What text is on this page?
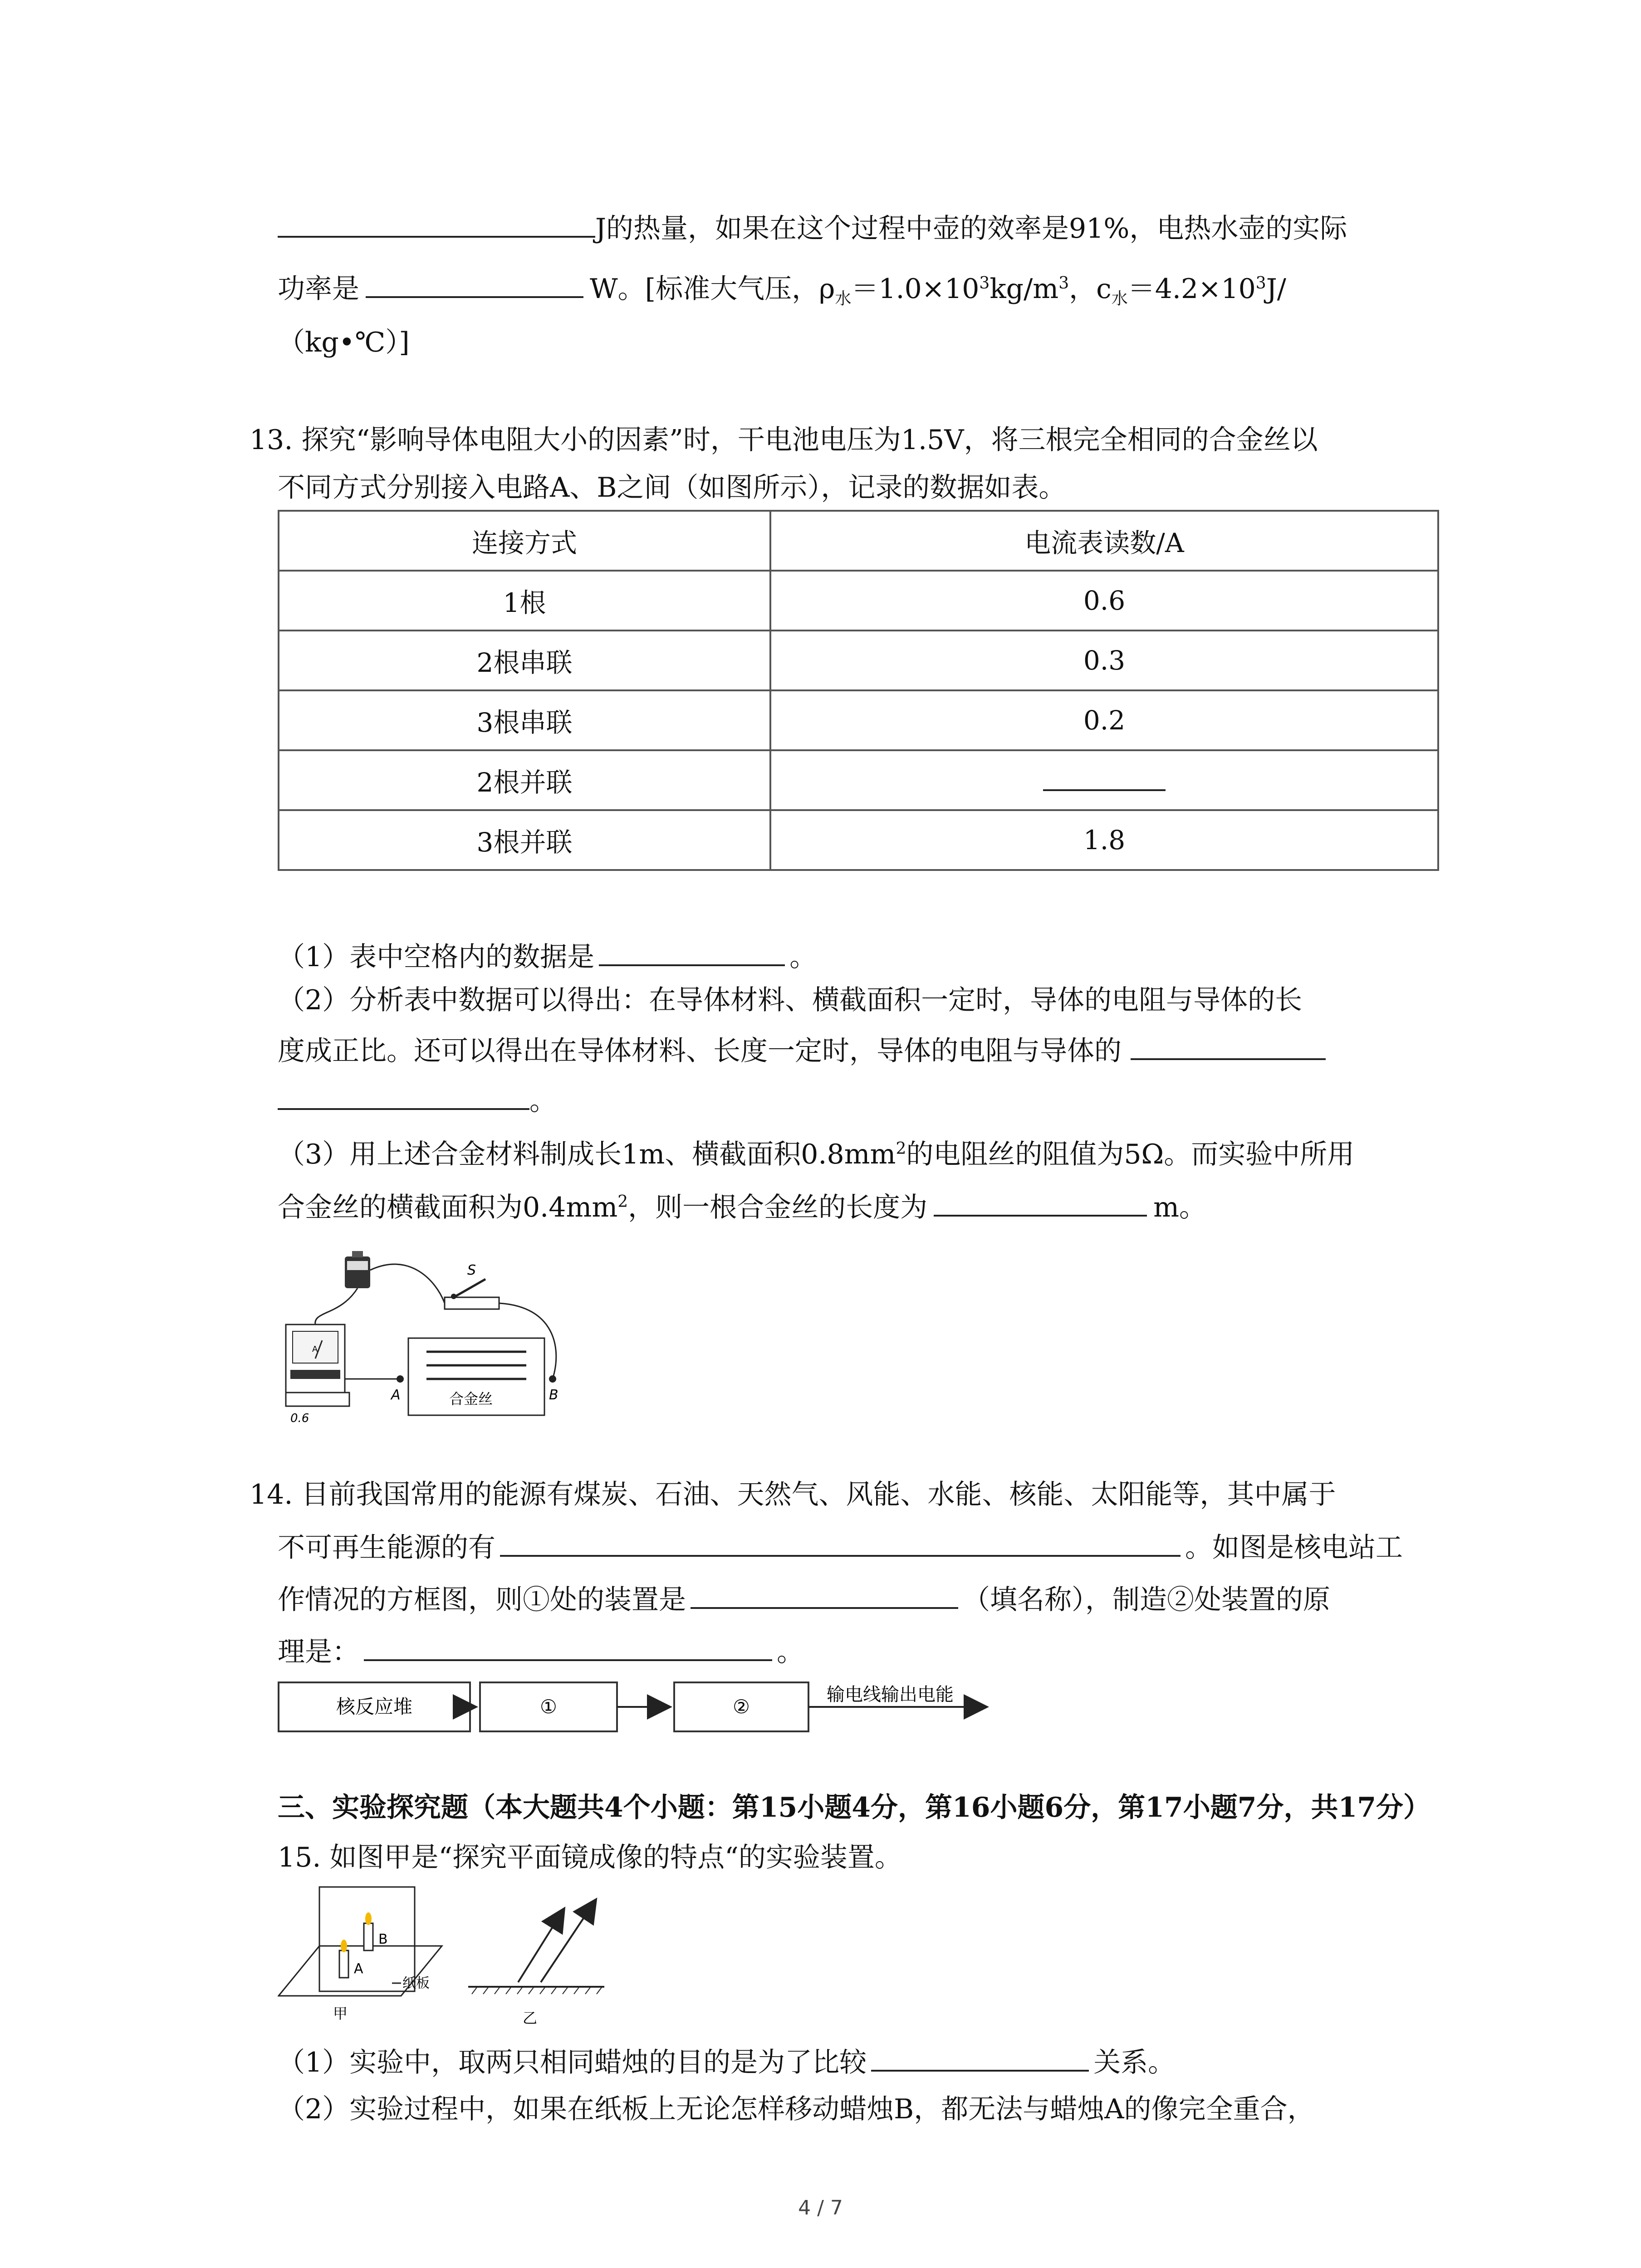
J的热量，如果在这个过程中壶的效率是91%，电热水壶的实际
功率是	W。[标准大气压，$\rho_水=1.0\times 10^3kg/m^3$，$c_水=4.2\times 10^3J/$
（kg•℃）]
13. 探究“影响导体电阻大小的因素”时，干电池电压为1.5V，将三根完全相同的合金丝以
不同方式分别接入电路A、B之间（如图所示），记录的数据如表。
连接方式	电流表读数/A
1根	0.6
2根串联	0.3
3根串联	0.2
2根并联	
3根并联	1.8
（1）表中空格内的数据是	。
（2）分析表中数据可以得出：在导体材料、横截面积一定时，导体的电阻与导体的长
度成正比。还可以得出在导体材料、长度一定时，导体的电阻与导体的
。
（3）用上述合金材料制成长1m、横截面积$0.8mm^2$的电阻丝的阻值为5Ω。而实验中所用
合金丝的横截面积为$0.4mm^2$，则一根合金丝的长度为	m。
S
A
0.6
合金丝
A	B
14. 目前我国常用的能源有煤炭、石油、天然气、风能、水能、核能、太阳能等，其中属于
不可再生能源的有	。如图是核电站工
作情况的方框图，则①处的装置是	（填名称），制造②处装置的原
理是：	。
核反应堆	①	②
输电线输出电能
三、实验探究题（本大题共4个小题：第15小题4分，第16小题6分，第17小题7分，共17分）
15. 如图甲是“探究平面镜成像的特点“的实验装置。
B
A
纸板
甲	乙
（1）实验中，取两只相同蜡烛的目的是为了比较	关系。
（2）实验过程中，如果在纸板上无论怎样移动蜡烛B，都无法与蜡烛A的像完全重合，
4 / 7
